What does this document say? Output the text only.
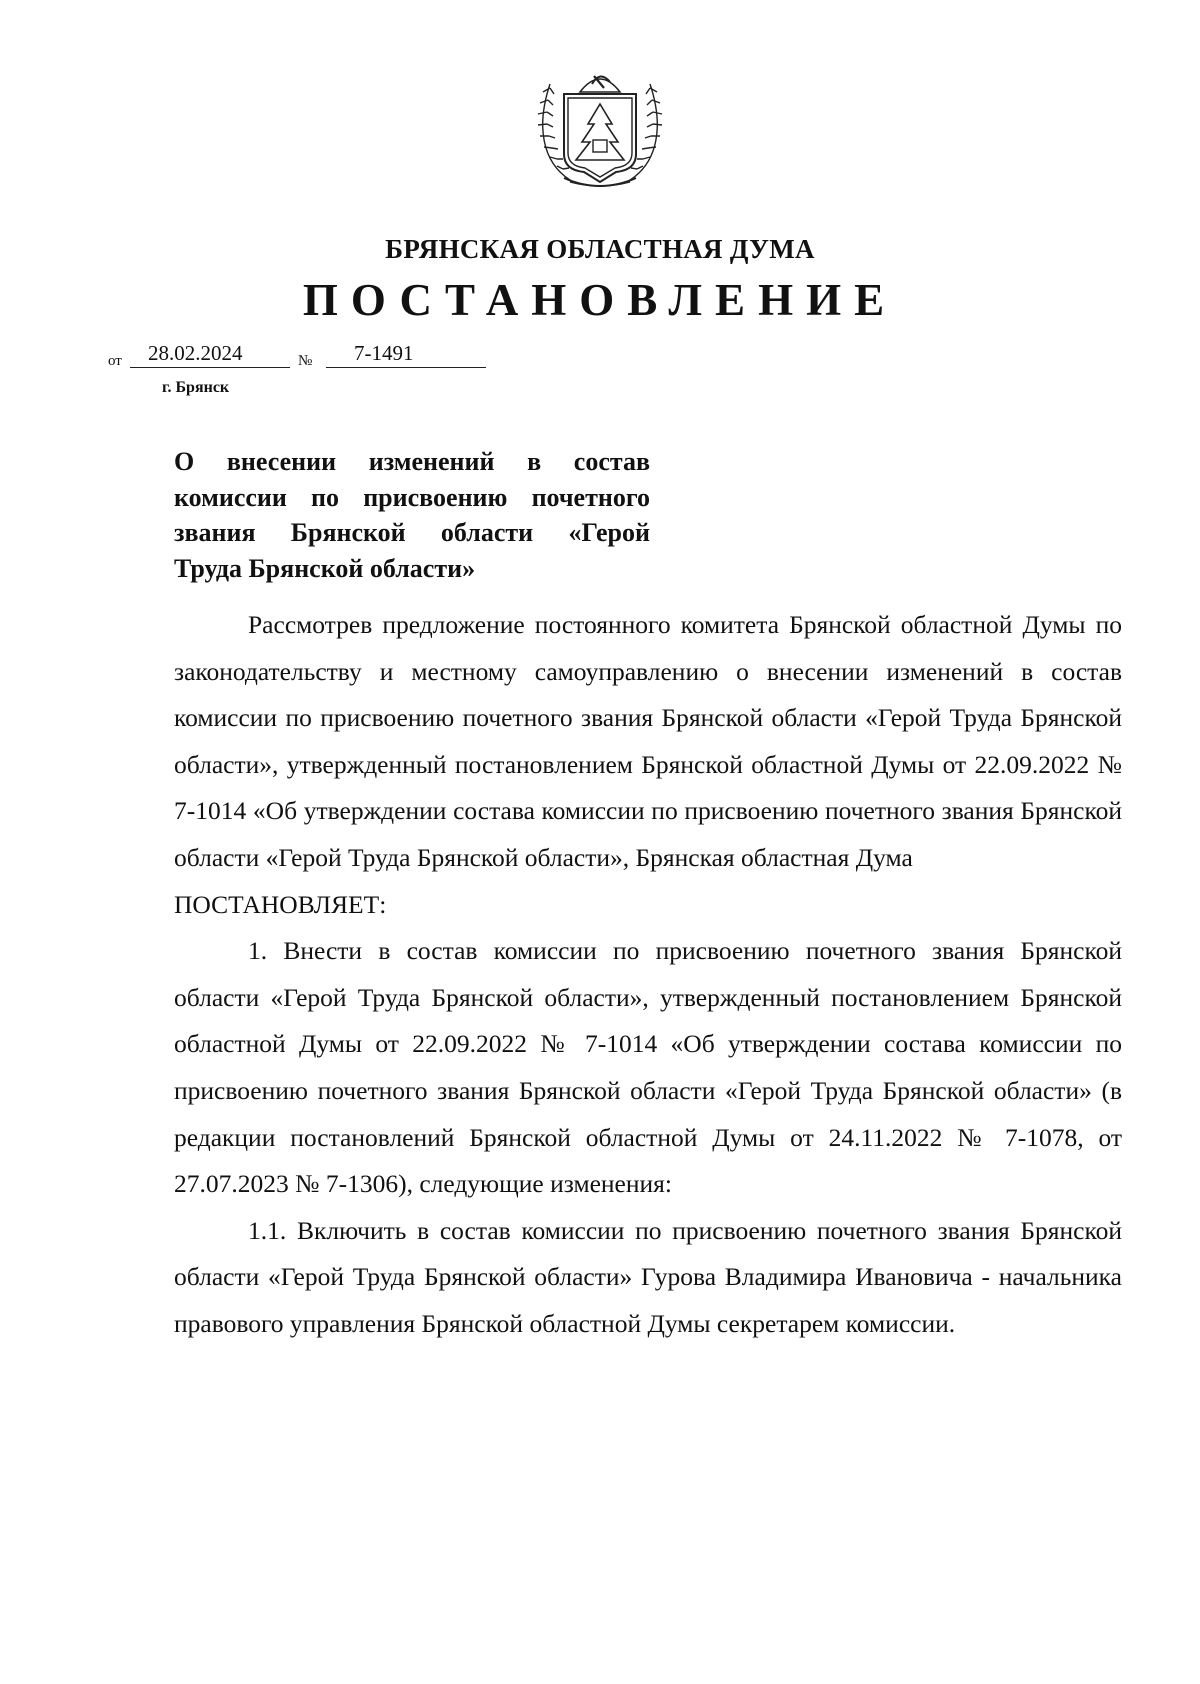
БРЯНСКАЯ ОБЛАСТНАЯ ДУМА
ПОСТАНОВЛЕНИЕ
от 28.02.2024	№ 7-1491
г. Брянск
О внесении изменений в состав
комиссии по присвоению почетного
звания Брянской области «Герой
Труда Брянской области»

Рассмотрев предложение постоянного комитета Брянской областной Думы по законодательству и местному самоуправлению о внесении изменений в состав комиссии по присвоению почетного звания Брянской области «Герой Труда Брянской области», утвержденный постановлением Брянской областной Думы от 22.09.2022 № 7-1014 «Об утверждении состава комиссии по присвоению почетного звания Брянской области «Герой Труда Брянской области», Брянская областная Дума

ПОСТАНОВЛЯЕТ:

1. Внести в состав комиссии по присвоению почетного звания Брянской области «Герой Труда Брянской области», утвержденный постановлением Брянской областной Думы от 22.09.2022 № 7-1014 «Об утверждении состава комиссии по присвоению почетного звания Брянской области «Герой Труда Брянской области» (в редакции постановлений Брянской областной Думы от 24.11.2022 № 7-1078, от 27.07.2023 № 7-1306), следующие изменения:

1.1. Включить в состав комиссии по присвоению почетного звания Брянской области «Герой Труда Брянской области» Гурова Владимира Ивановича - начальника правового управления Брянской областной Думы секретарем комиссии.
